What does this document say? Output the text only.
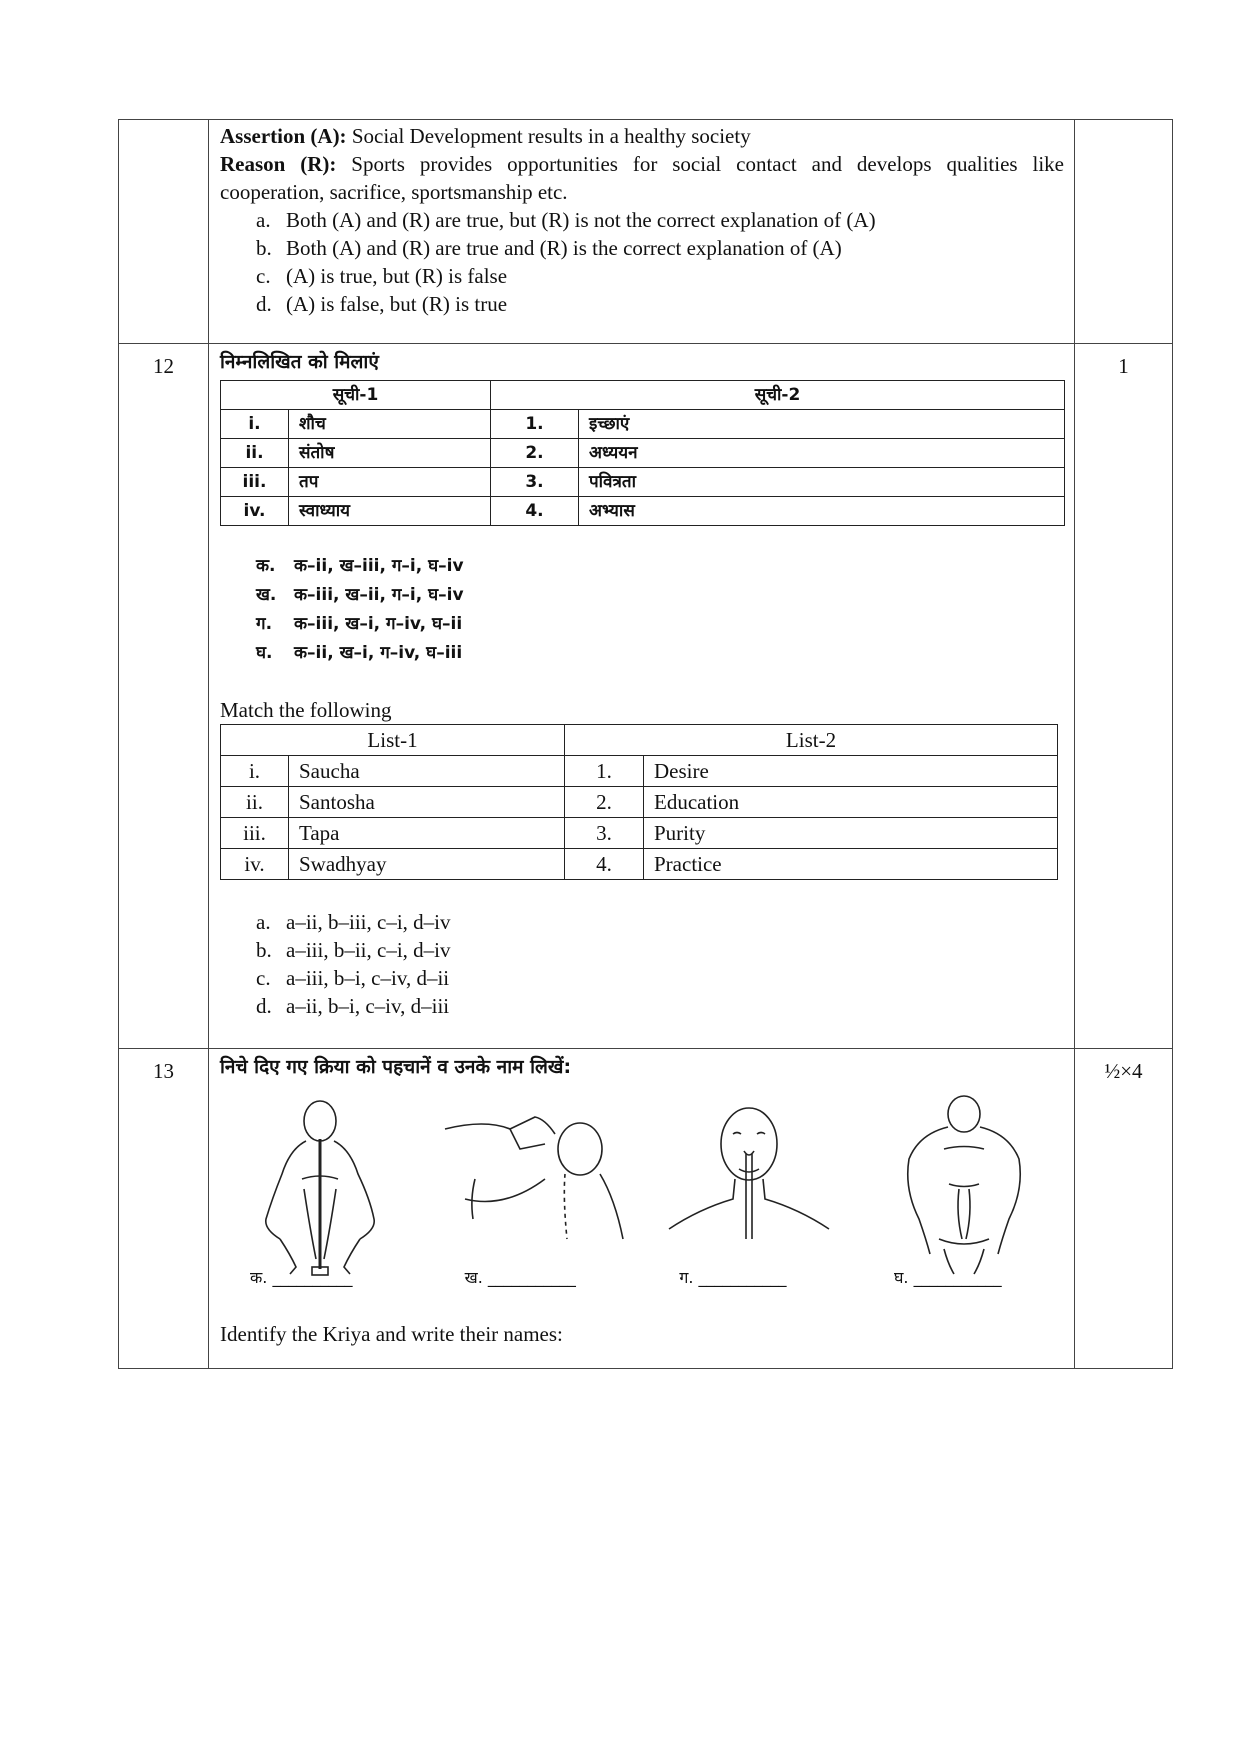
Assertion (A): Social Development results in a healthy society
Reason (R): Sports provides opportunities for social contact and develops qualities like cooperation, sacrifice, sportsmanship etc.
a. Both (A) and (R) are true, but (R) is not the correct explanation of (A)
b. Both (A) and (R) are true and (R) is the correct explanation of (A)
c. (A) is true, but (R) is false
d. (A) is false, but (R) is true

12	निम्नलिखित को मिलाएं
सूची-1	सूची-2
i.	शौच	1.	इच्छाएं
ii.	संतोष	2.	अध्ययन
iii.	तप	3.	पवित्रता
iv.	स्वाध्याय	4.	अभ्यास
क.	क–ii, ख–iii, ग–i, घ–iv
ख.	क–iii, ख–ii, ग–i, घ–iv
ग.	क–iii, ख–i, ग–iv, घ–ii
घ.	क–ii, ख–i, ग–iv, घ–iii
Match the following
List-1	List-2
i.	Saucha	1.	Desire
ii.	Santosha	2.	Education
iii.	Tapa	3.	Purity
iv.	Swadhyay	4.	Practice
a. a–ii, b–iii, c–i, d–iv
b. a–iii, b–ii, c–i, d–iv
c. a–iii, b–i, c–iv, d–ii
d. a–ii, b–i, c–iv, d–iii

1

13	निचे दिए गए क्रिया को पहचानें व उनके नाम लिखें:
क. __________	ख. ___________	ग. ___________	घ. ___________
Identify the Kriya and write their names:

½×4
